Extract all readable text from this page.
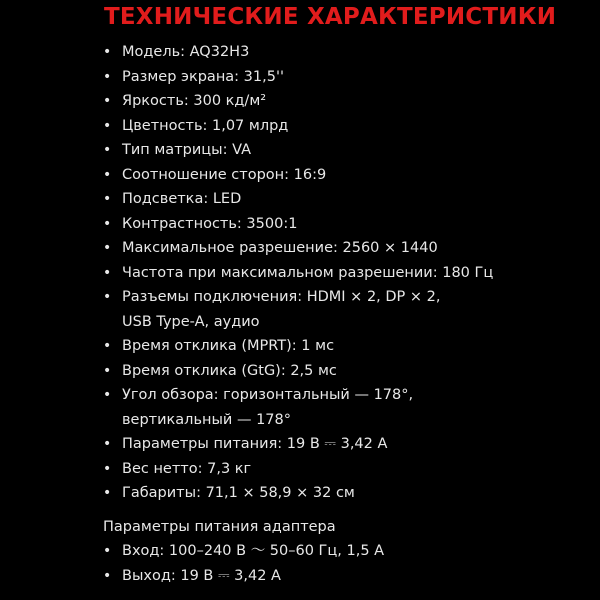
ТЕХНИЧЕСКИЕ ХАРАКТЕРИСТИКИ
• Модель: AQ32H3
• Размер экрана: 31,5''
• Яркость: 300 кд/м²
• Цветность: 1,07 млрд
• Тип матрицы: VA
• Соотношение сторон: 16:9
• Подсветка: LED
• Контрастность: 3500:1
• Максимальное разрешение: 2560 × 1440
• Частота при максимальном разрешении: 180 Гц
• Разъемы подключения: HDMI × 2, DP × 2,
USB Type-A, аудио
• Время отклика (MPRT): 1 мс
• Время отклика (GtG): 2,5 мс
• Угол обзора: горизонтальный — 178°,
вертикальный — 178°
• Параметры питания: 19 В ⎓ 3,42 А
• Вес нетто: 7,3 кг
• Габариты: 71,1 × 58,9 × 32 см
Параметры питания адаптера
• Вход: 100–240 В 〜 50–60 Гц, 1,5 А
• Выход: 19 В ⎓ 3,42 А
